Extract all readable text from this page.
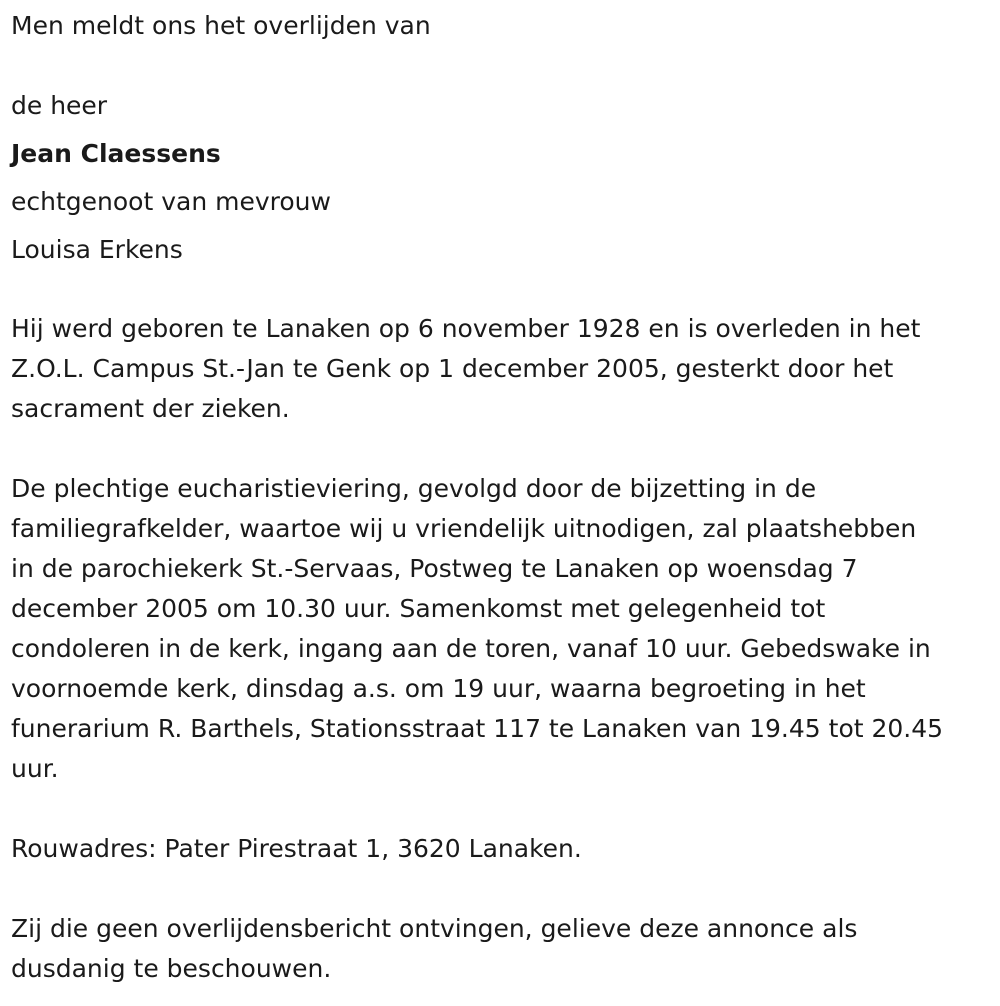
Men meldt ons het overlijden van

de heer

Jean Claessens

echtgenoot van mevrouw

Louisa Erkens

Hij werd geboren te Lanaken op 6 november 1928 en is overleden in het
Z.O.L. Campus St.-Jan te Genk op 1 december 2005, gesterkt door het
sacrament der zieken.

De plechtige eucharistieviering, gevolgd door de bijzetting in de
familiegrafkelder, waartoe wij u vriendelijk uitnodigen, zal plaatshebben
in de parochiekerk St.-Servaas, Postweg te Lanaken op woensdag 7
december 2005 om 10.30 uur. Samenkomst met gelegenheid tot
condoleren in de kerk, ingang aan de toren, vanaf 10 uur. Gebedswake in
voornoemde kerk, dinsdag a.s. om 19 uur, waarna begroeting in het
funerarium R. Barthels, Stationsstraat 117 te Lanaken van 19.45 tot 20.45
uur.

Rouwadres: Pater Pirestraat 1, 3620 Lanaken.

Zij die geen overlijdensbericht ontvingen, gelieve deze annonce als
dusdanig te beschouwen.
